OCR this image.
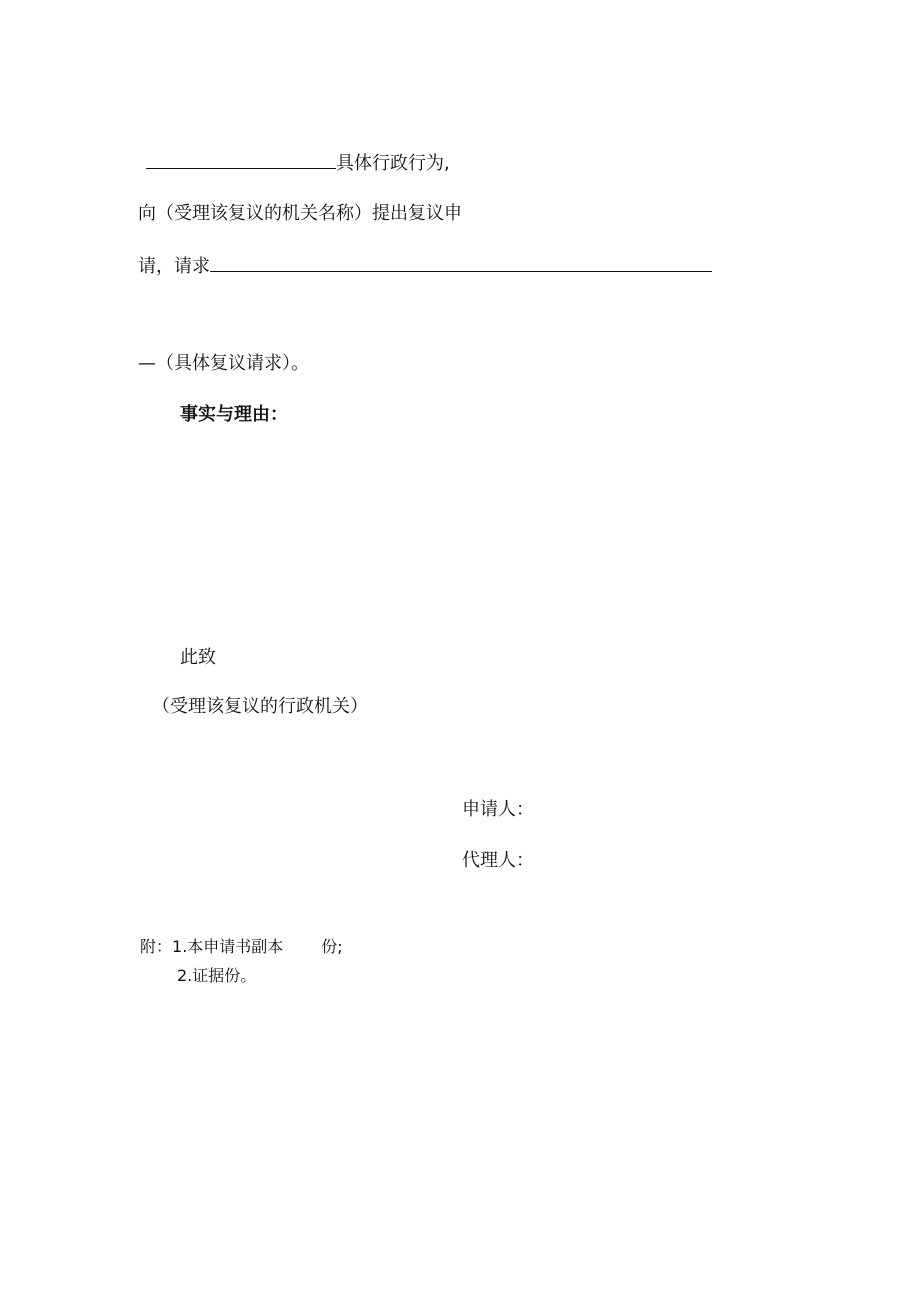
具体行政行为,
向（受理该复议的机关名称）提出复议申
请，请求
—（具体复议请求）。
事实与理由：
此致
（受理该复议的行政机关）
申请人：
代理人：
附：1.本申请书副本 份;
2.证据份。
